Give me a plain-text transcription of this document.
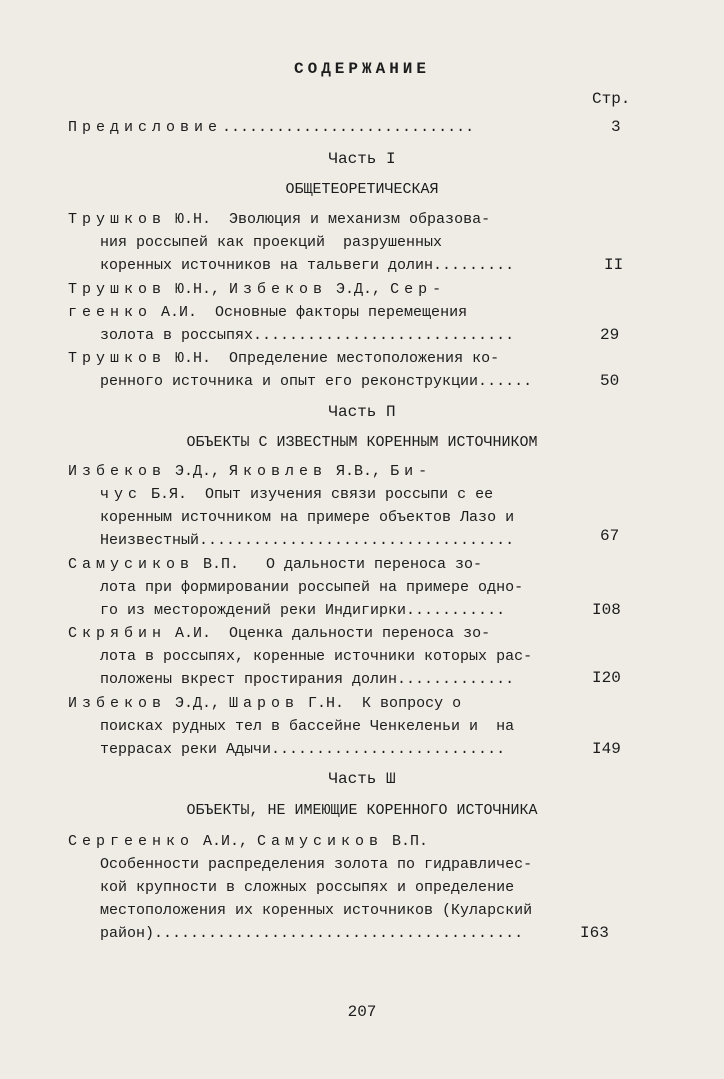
СОДЕРЖАНИЕ
Стр.
Предисловие............................	3
Часть I
ОБЩЕТЕОРЕТИЧЕСКАЯ
Трушков Ю.Н.  Эволюция и механизм образова-
ния россыпей как проекций  разрушенных
коренных источников на тальвеги долин.........	II
Трушков Ю.Н., Избеков Э.Д., Сер-
геенко А.И.  Основные факторы перемещения
золота в россыпях.............................	29
Трушков Ю.Н.  Определение местоположения ко-
ренного источника и опыт его реконструкции......	50
Часть П
ОБЪЕКТЫ С ИЗВЕСТНЫМ КОРЕННЫМ ИСТОЧНИКОМ
Избеков Э.Д., Яковлев Я.В., Би-
чус Б.Я.  Опыт изучения связи россыпи с ее
коренным источником на примере объектов Лазо и
Неизвестный...................................	67
Самусиков В.П.   О дальности переноса зо-
лота при формировании россыпей на примере одно-
го из месторождений реки Индигирки...........	I08
Скрябин А.И.  Оценка дальности переноса зо-
лота в россыпях, коренные источники которых рас-
положены вкрест простирания долин.............	I20
Избеков Э.Д., Шаров Г.Н.  К вопросу о
поисках рудных тел в бассейне Ченкеленьи и  на
террасах реки Адычи..........................	I49
Часть Ш
ОБЪЕКТЫ, НЕ ИМЕЮЩИЕ КОРЕННОГО ИСТОЧНИКА
Сергеенко А.И., Самусиков В.П.
Особенности распределения золота по гидравличес-
кой крупности в сложных россыпях и определение
местоположения их коренных источников (Куларский
район).........................................	I63
207
